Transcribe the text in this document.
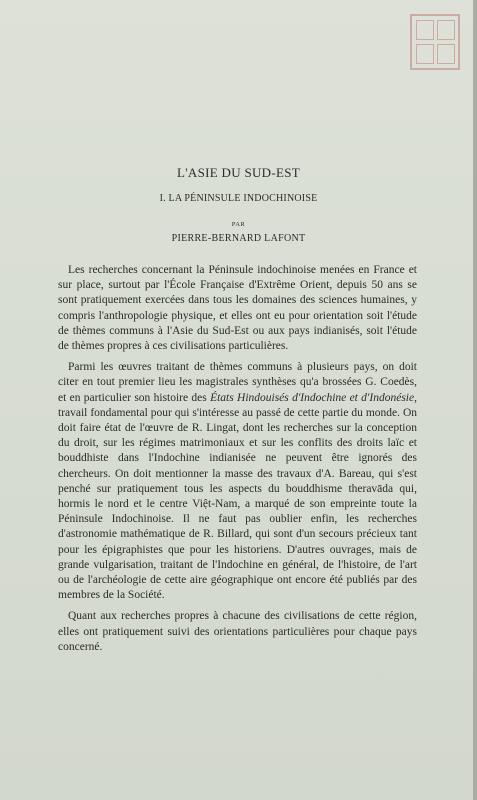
L'ASIE DU SUD-EST
I. LA PÉNINSULE INDOCHINOISE
PAR
PIERRE-BERNARD LAFONT

Les recherches concernant la Péninsule indochinoise menées en France et sur place, surtout par l'École Française d'Extrême Orient, depuis 50 ans se sont pratiquement exercées dans tous les domaines des sciences humaines, y compris l'anthropologie physique, et elles ont eu pour orientation soit l'étude de thèmes communs à l'Asie du Sud-Est ou aux pays indianisés, soit l'étude de thèmes propres à ces civilisations particulières.

Parmi les œuvres traitant de thèmes communs à plusieurs pays, on doit citer en tout premier lieu les magistrales synthèses qu'a brossées G. Coedès, et en particulier son histoire des États Hindouisés d'Indochine et d'Indonésie, travail fondamental pour qui s'intéresse au passé de cette partie du monde. On doit faire état de l'œuvre de R. Lingat, dont les recherches sur la conception du droit, sur les régimes matrimoniaux et sur les conflits des droits laïc et bouddhiste dans l'Indochine indianisée ne peuvent être ignorés des chercheurs. On doit mentionner la masse des travaux d'A. Bareau, qui s'est penché sur pratiquement tous les aspects du bouddhisme theravāda qui, hormis le nord et le centre Việt-Nam, a marqué de son empreinte toute la Péninsule Indochinoise. Il ne faut pas oublier enfin, les recherches d'astronomie mathématique de R. Billard, qui sont d'un secours précieux tant pour les épigraphistes que pour les historiens. D'autres ouvrages, mais de grande vulgarisation, traitant de l'Indochine en général, de l'histoire, de l'art ou de l'archéologie de cette aire géographique ont encore été publiés par des membres de la Société.

Quant aux recherches propres à chacune des civilisations de cette région, elles ont pratiquement suivi des orientations particulières pour chaque pays concerné.
